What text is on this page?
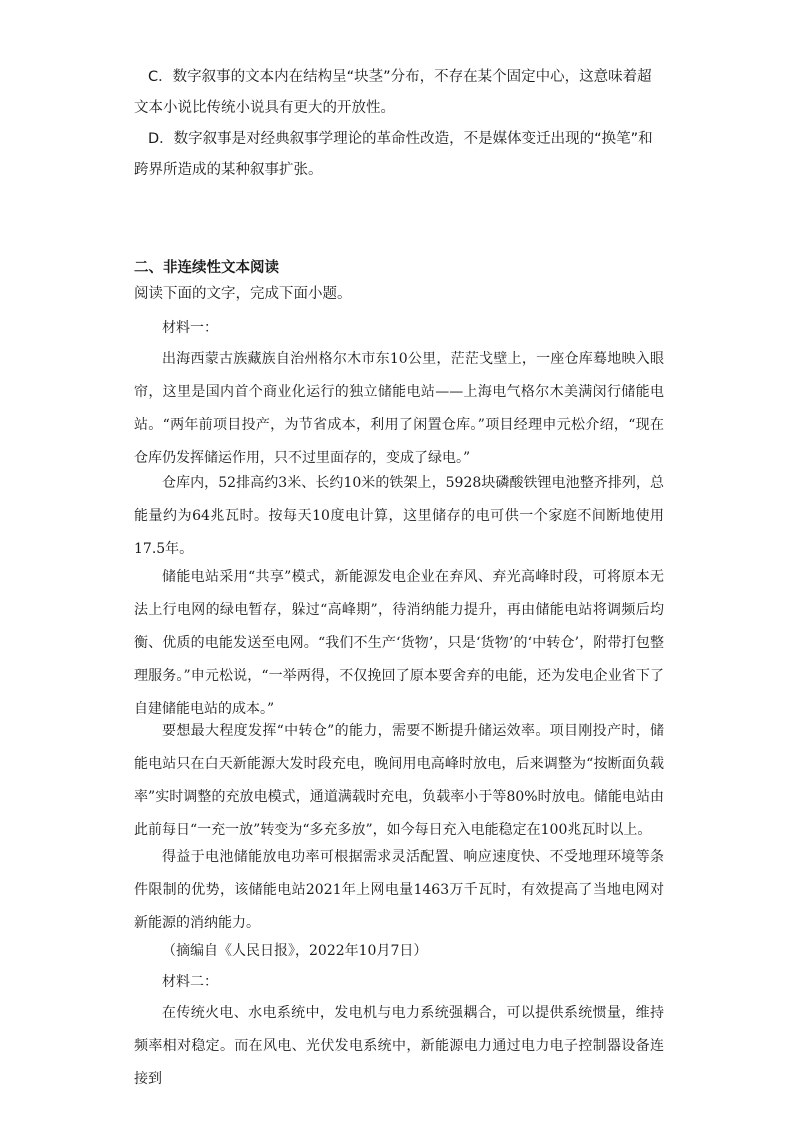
C．数字叙事的文本内在结构呈“块茎”分布，不存在某个固定中心，这意味着超文本小说比传统小说具有更大的开放性。

D．数字叙事是对经典叙事学理论的革命性改造，不是媒体变迁出现的“换笔”和跨界所造成的某种叙事扩张。

二、非连续性文本阅读

阅读下面的文字，完成下面小题。

材料一：

出海西蒙古族藏族自治州格尔木市东10公里，茫茫戈壁上，一座仓库蓦地映入眼帘，这里是国内首个商业化运行的独立储能电站——上海电气格尔木美满闵行储能电站。“两年前项目投产，为节省成本，利用了闲置仓库。”项目经理申元松介绍，“现在仓库仍发挥储运作用，只不过里面存的，变成了绿电。”

仓库内，52排高约3米、长约10米的铁架上，5928块磷酸铁锂电池整齐排列，总能量约为64兆瓦时。按每天10度电计算，这里储存的电可供一个家庭不间断地使用17.5年。

储能电站采用“共享”模式，新能源发电企业在弃风、弃光高峰时段，可将原本无法上行电网的绿电暂存，躲过“高峰期”，待消纳能力提升，再由储能电站将调频后均衡、优质的电能发送至电网。“我们不生产‘货物’，只是‘货物’的‘中转仓’，附带打包整理服务。”申元松说，“一举两得，不仅挽回了原本要舍弃的电能，还为发电企业省下了自建储能电站的成本。”

要想最大程度发挥“中转仓”的能力，需要不断提升储运效率。项目刚投产时，储能电站只在白天新能源大发时段充电，晚间用电高峰时放电，后来调整为“按断面负载率”实时调整的充放电模式，通道满载时充电，负载率小于等80%时放电。储能电站由此前每日“一充一放”转变为“多充多放”，如今每日充入电能稳定在100兆瓦时以上。

得益于电池储能放电功率可根据需求灵活配置、响应速度快、不受地理环境等条件限制的优势，该储能电站2021年上网电量1463万千瓦时，有效提高了当地电网对新能源的消纳能力。

（摘编自《人民日报》，2022年10月7日）

材料二：

在传统火电、水电系统中，发电机与电力系统强耦合，可以提供系统惯量，维持频率相对稳定。而在风电、光伏发电系统中，新能源电力通过电力电子控制器设备连接到
